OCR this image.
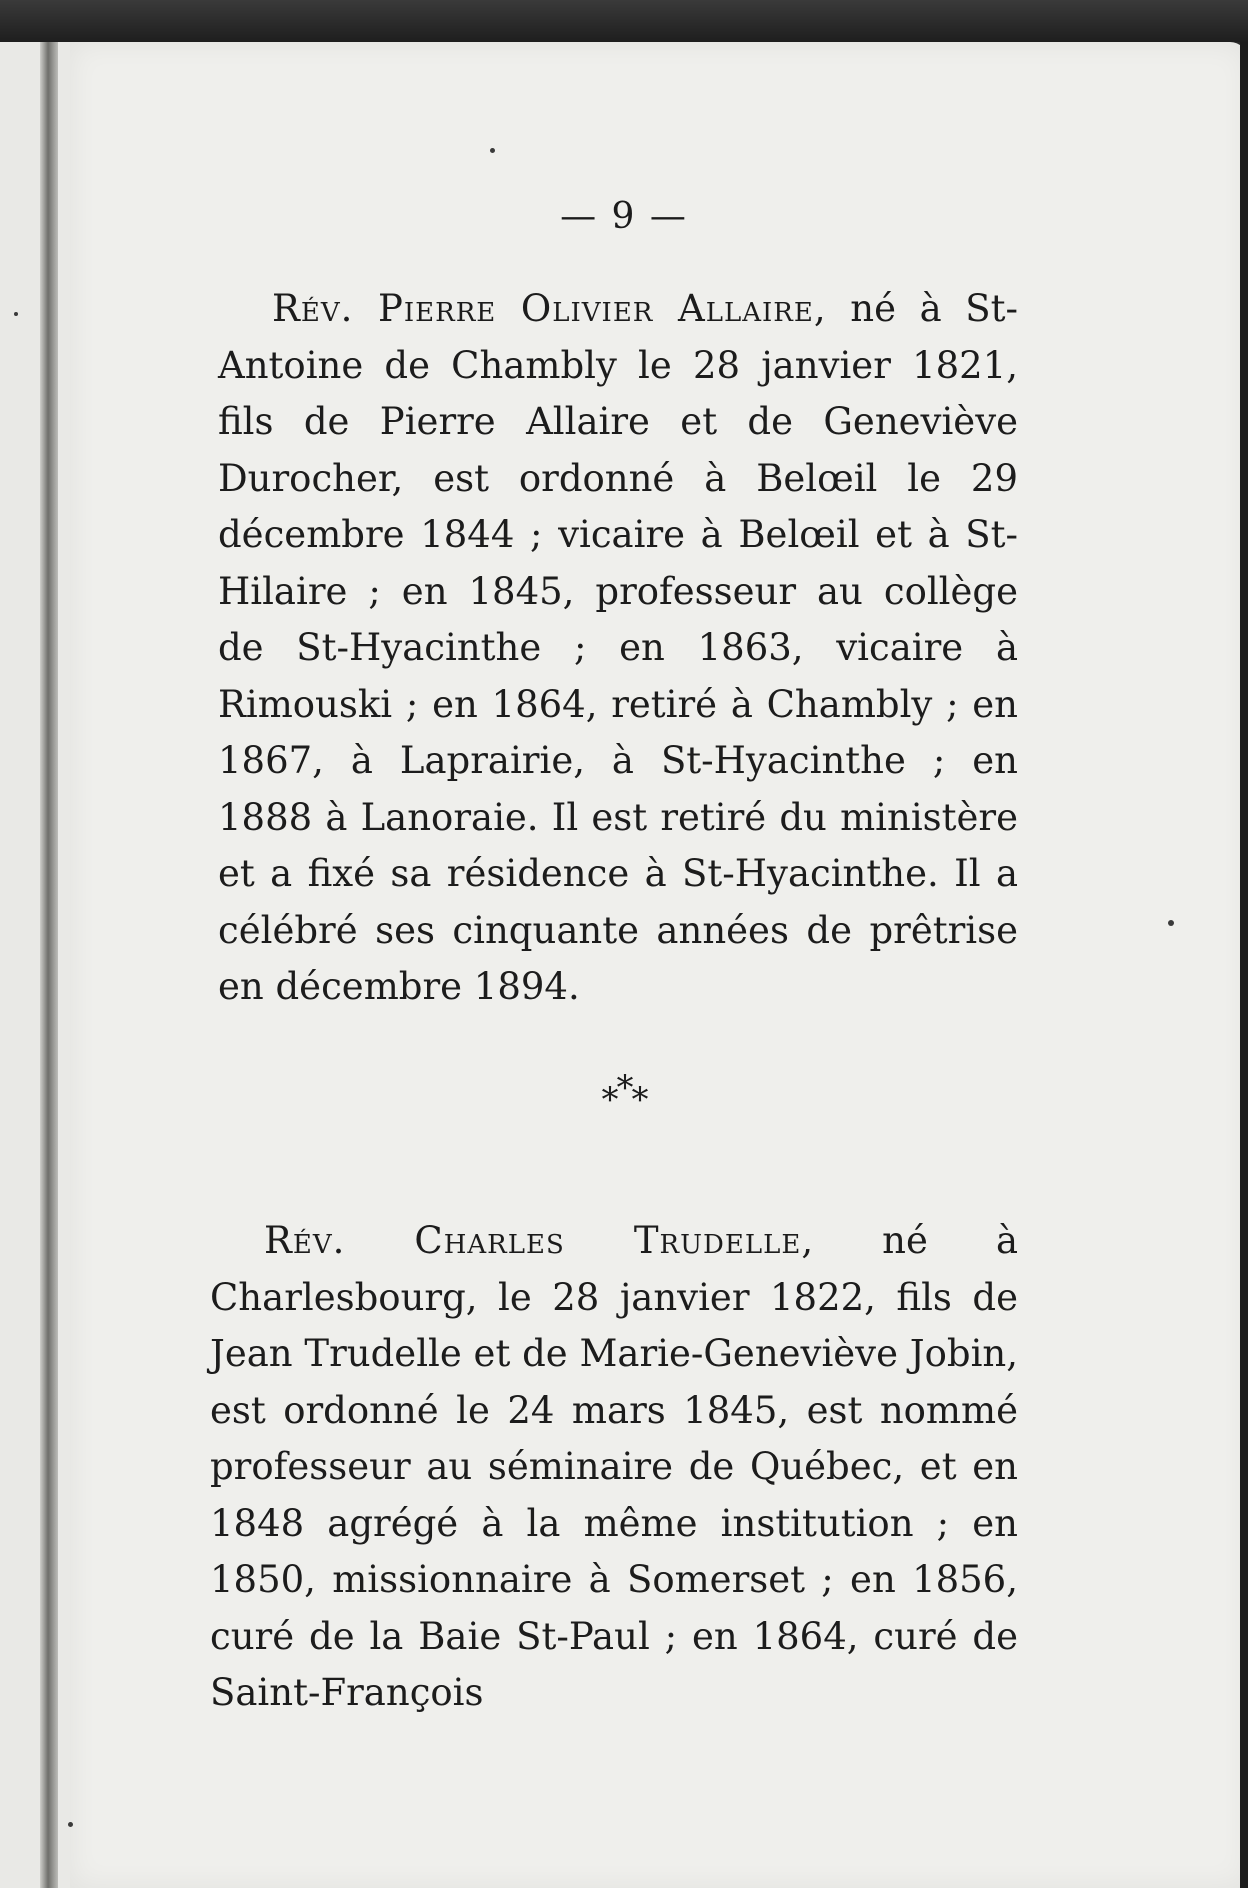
— 9 —

Rév. Pierre Olivier Allaire, né à St-Antoine de Chambly le 28 janvier 1821, fils de Pierre Allaire et de Geneviève Durocher, est ordonné à Belœil le 29 décembre 1844 ; vicaire à Belœil et à St-Hilaire ; en 1845, professeur au collège de St-Hyacinthe ; en 1863, vicaire à Rimouski ; en 1864, retiré à Chambly ; en 1867, à Laprairie, à St-Hyacinthe ; en 1888 à Lanoraie. Il est retiré du ministère et a fixé sa résidence à St-Hyacinthe. Il a célébré ses cinquante années de prêtrise en décembre 1894.

***

Rév. Charles Trudelle, né à Charlesbourg, le 28 janvier 1822, fils de Jean Trudelle et de Marie-Geneviève Jobin, est ordonné le 24 mars 1845, est nommé professeur au séminaire de Québec, et en 1848 agrégé à la même institution ; en 1850, missionnaire à Somerset ; en 1856, curé de la Baie St-Paul ; en 1864, curé de Saint-François
